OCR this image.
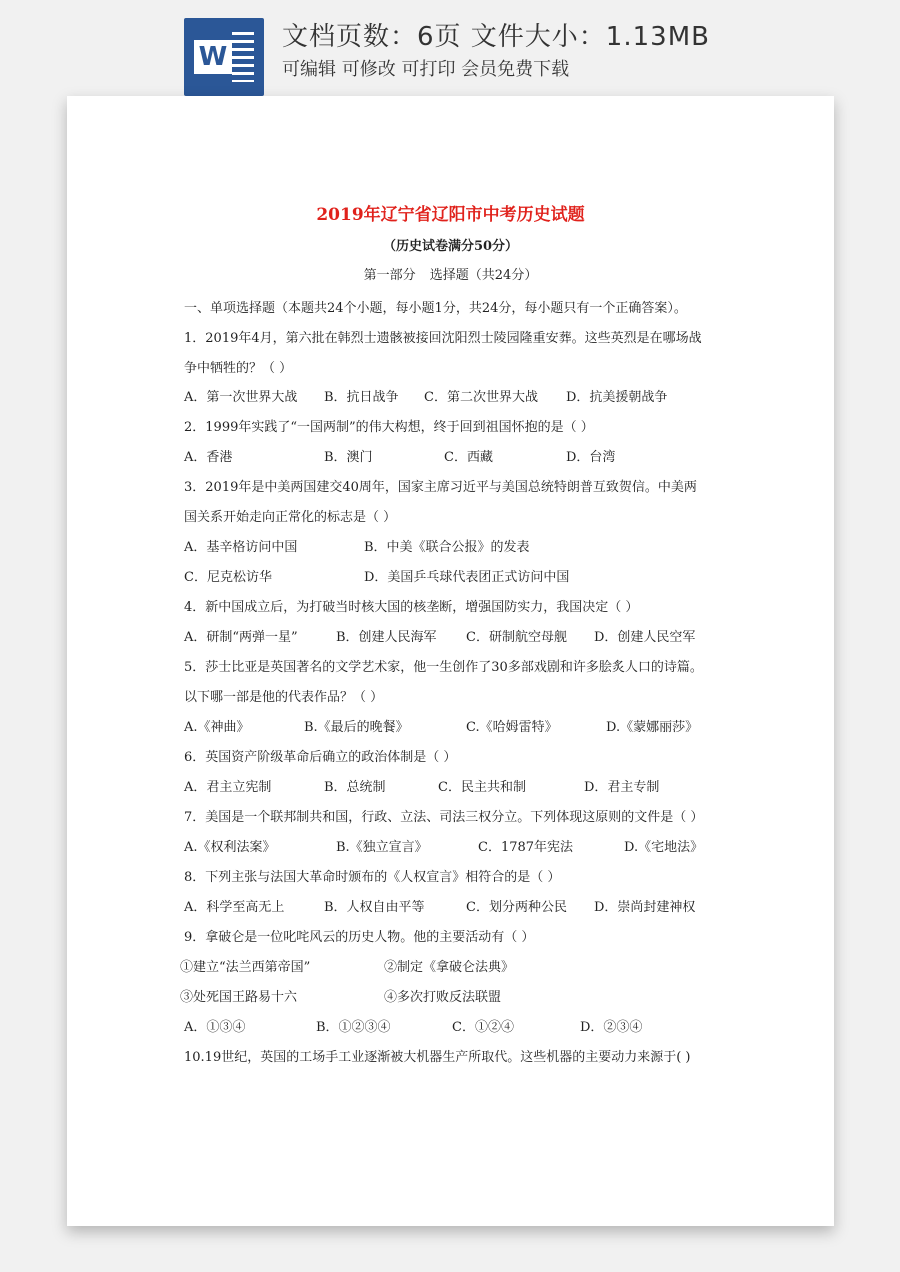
W
文档页数：6页 文件大小：1.13MB
可编辑 可修改 可打印 会员免费下载
2019年辽宁省辽阳市中考历史试题
（历史试卷满分50分）
第一部分 选择题（共24分）
一、单项选择题（本题共24个小题，每小题1分，共24分，每小题只有一个正确答案）。
1．2019年4月，第六批在韩烈士遗骸被接回沈阳烈士陵园隆重安葬。这些英烈是在哪场战
争中牺牲的？（ ）
A．第一次世界大战 B．抗日战争 C．第二次世界大战 D．抗美援朝战争
2．1999年实践了“一国两制”的伟大构想，终于回到祖国怀抱的是（ ）
A．香港	B．澳门	C．西藏	D．台湾
3．2019年是中美两国建交40周年，国家主席习近平与美国总统特朗普互致贺信。中美两
国关系开始走向正常化的标志是（ ）
A．基辛格访问中国	B．中美《联合公报》的发表
C．尼克松访华	D．美国乒乓球代表团正式访问中国
4．新中国成立后，为打破当时核大国的核垄断，增强国防实力，我国决定（ ）
A．研制“两弹一星”	B．创建人民海军 C．研制航空母舰 D．创建人民空军
5．莎士比亚是英国著名的文学艺术家，他一生创作了30多部戏剧和许多脍炙人口的诗篇。
以下哪一部是他的代表作品？（ ）
A.《神曲》	B.《最后的晚餐》	C.《哈姆雷特》	D.《蒙娜丽莎》
6．英国资产阶级革命后确立的政治体制是（ ）
A．君主立宪制	B．总统制	C．民主共和制	D．君主专制
7．美国是一个联邦制共和国，行政、立法、司法三权分立。下列体现这原则的文件是（ ）
A.《权利法案》	B.《独立宣言》	C．1787年宪法	D.《宅地法》
8．下列主张与法国大革命时颁布的《人权宣言》相符合的是（ ）
A．科学至高无上	B．人权自由平等	C．划分两种公民 D．崇尚封建神权
9．拿破仑是一位叱咤风云的历史人物。他的主要活动有（ ）
①建立“法兰西第帝国”	②制定《拿破仑法典》
③处死国王路易十六	④多次打败反法联盟
A．①③④	B．①②③④	C．①②④	D．②③④
10.19世纪，英国的工场手工业逐渐被大机器生产所取代。这些机器的主要动力来源于( )
